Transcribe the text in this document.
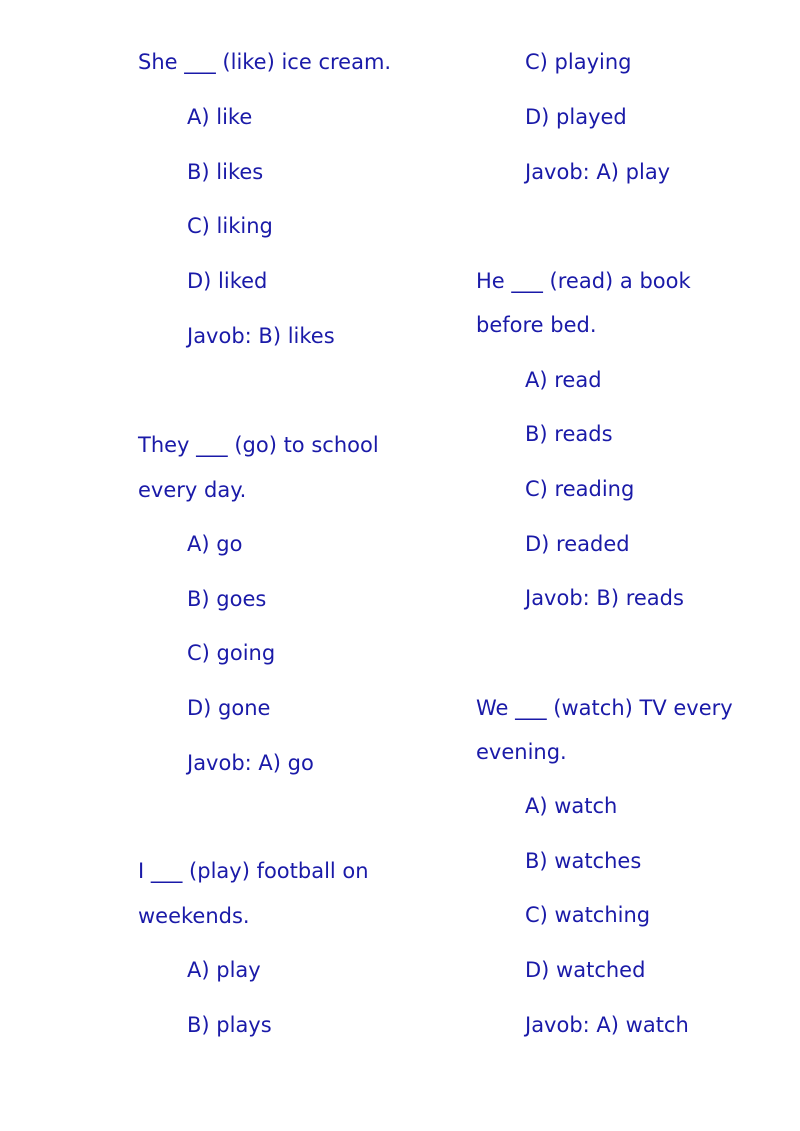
She ___ (like) ice cream.
A) like
B) likes
C) liking
D) liked
Javob: B) likes
They ___ (go) to school
every day.
A) go
B) goes
C) going
D) gone
Javob: A) go
I ___ (play) football on
weekends.
A) play
B) plays
C) playing
D) played
Javob: A) play
He ___ (read) a book
before bed.
A) read
B) reads
C) reading
D) readed
Javob: B) reads
We ___ (watch) TV every
evening.
A) watch
B) watches
C) watching
D) watched
Javob: A) watch
